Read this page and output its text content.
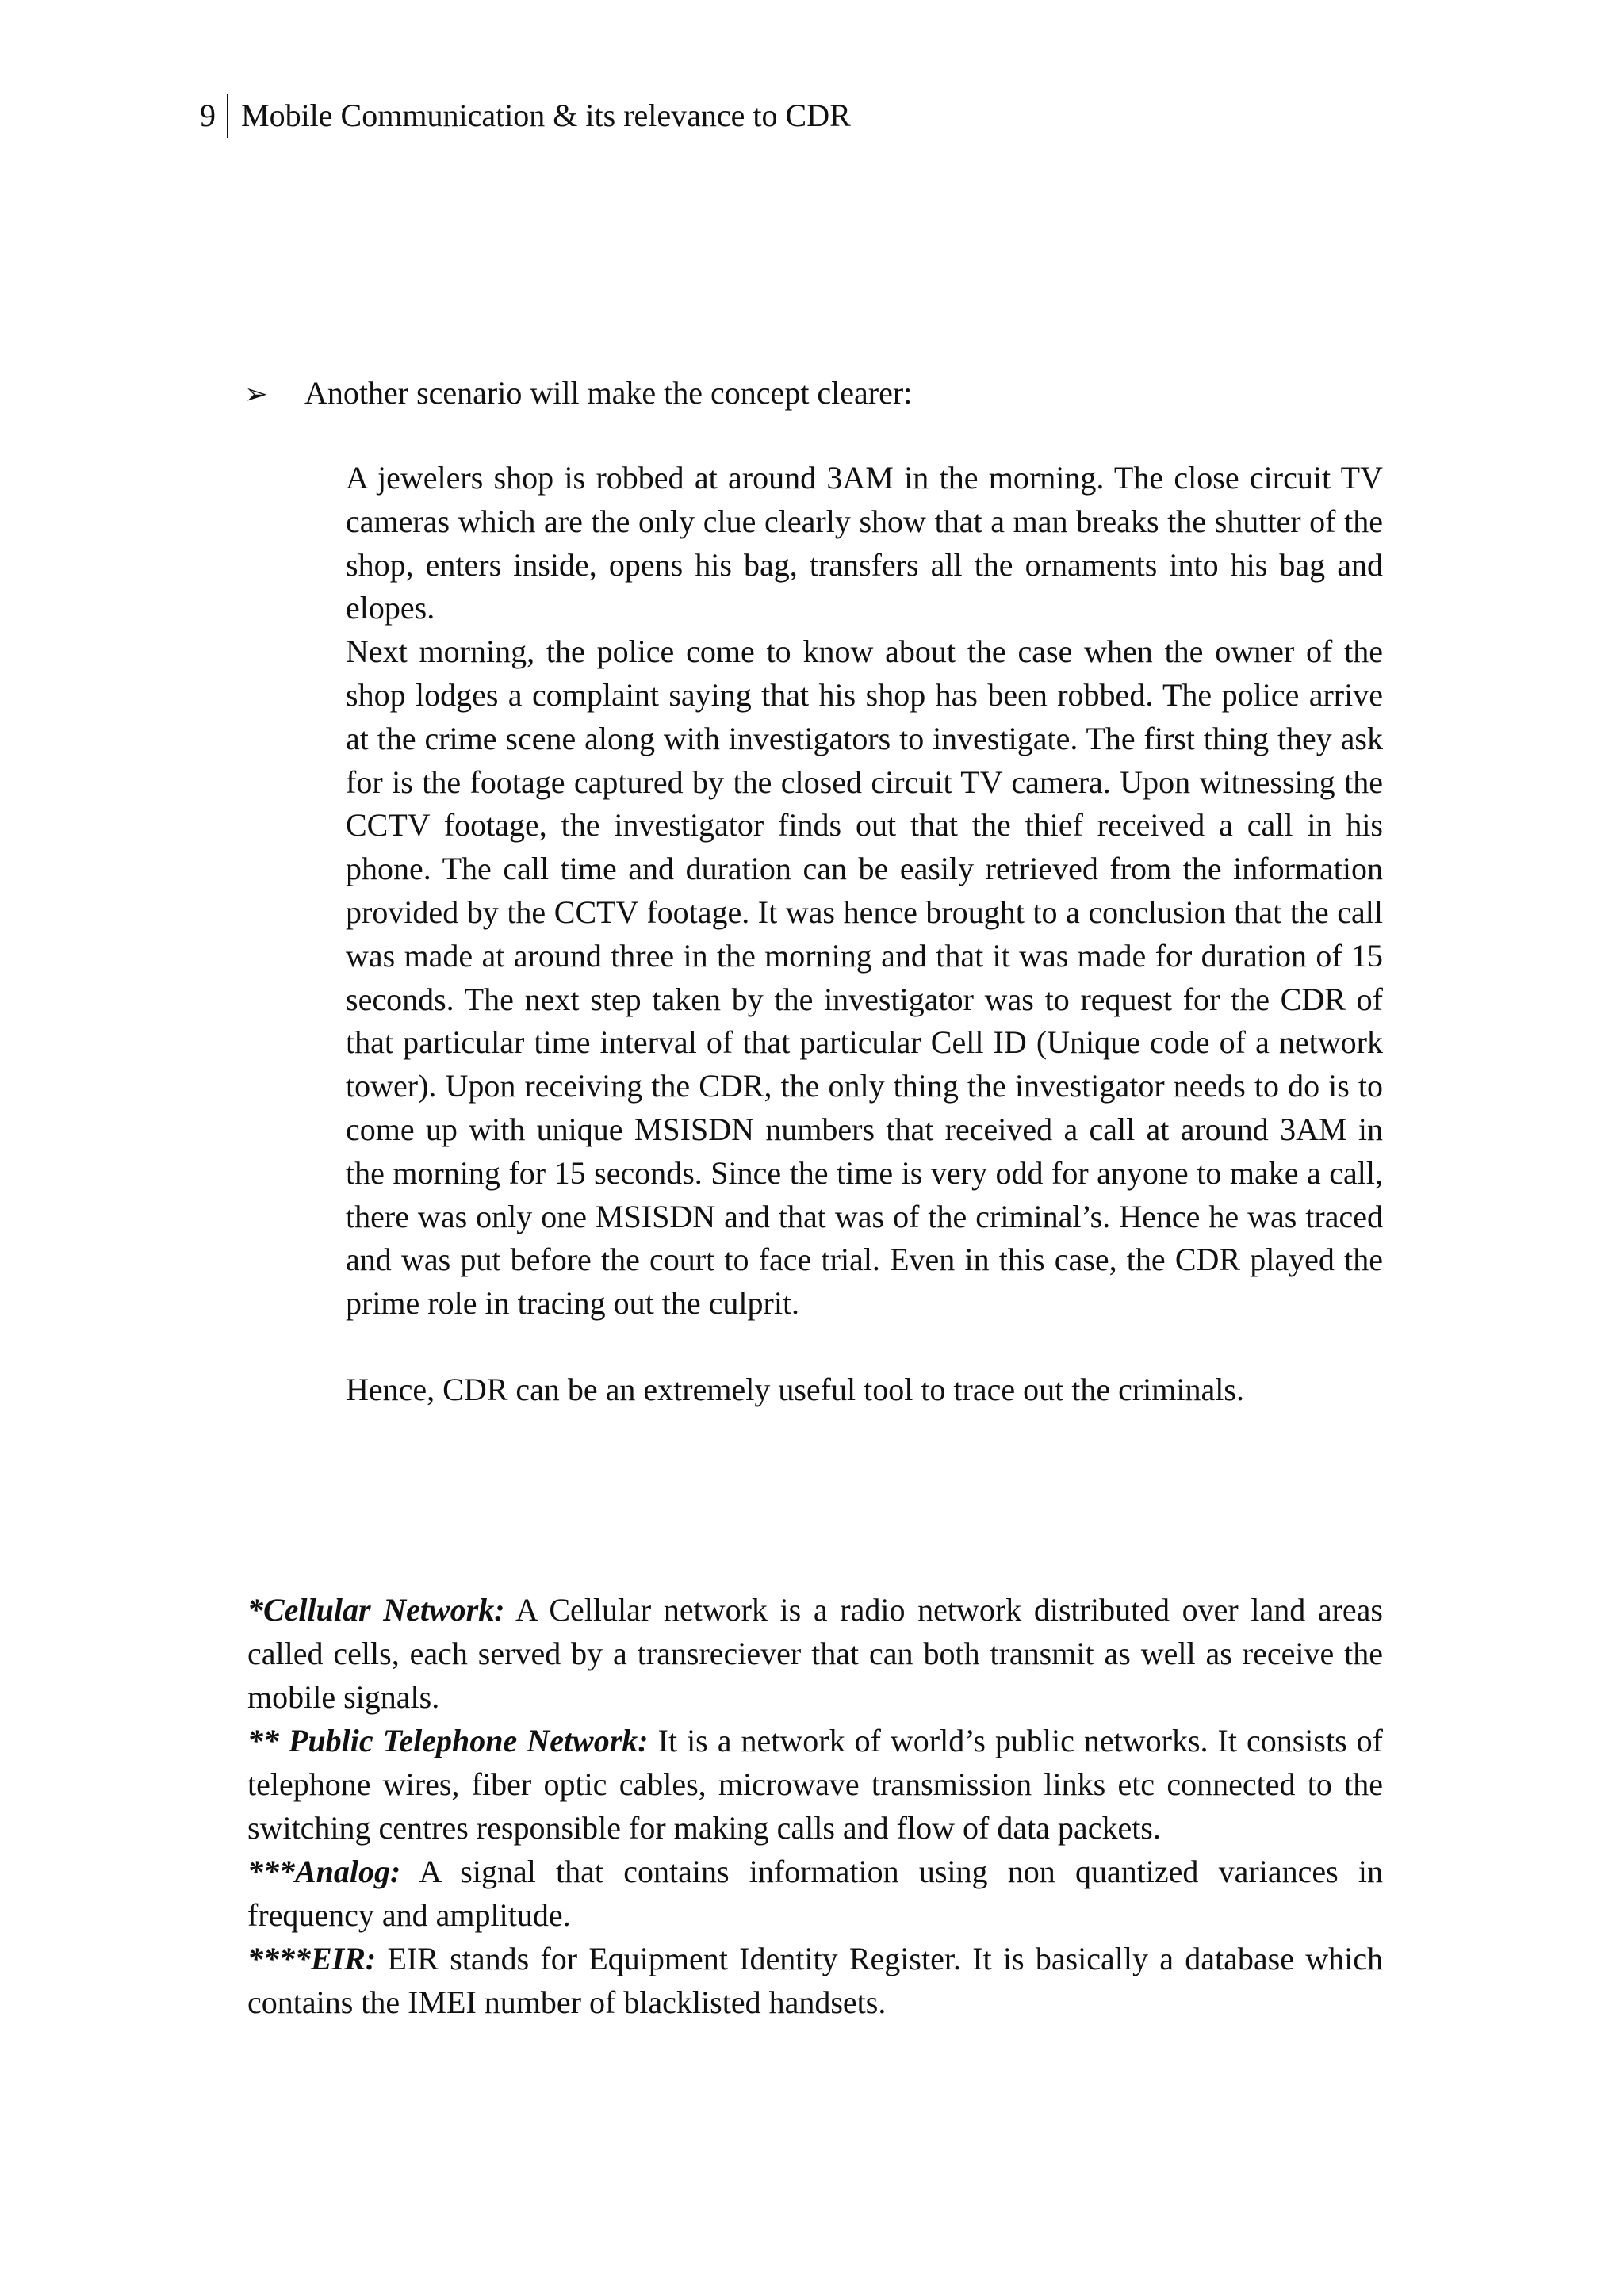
9 Mobile Communication & its relevance to CDR
➢ Another scenario will make the concept clearer:

A jewelers shop is robbed at around 3AM in the morning. The close circuit TV cameras which are the only clue clearly show that a man breaks the shutter of the shop, enters inside, opens his bag, transfers all the ornaments into his bag and elopes.

Next morning, the police come to know about the case when the owner of the shop lodges a complaint saying that his shop has been robbed. The police arrive at the crime scene along with investigators to investigate. The first thing they ask for is the footage captured by the closed circuit TV camera. Upon witnessing the CCTV footage, the investigator finds out that the thief received a call in his phone. The call time and duration can be easily retrieved from the information provided by the CCTV footage. It was hence brought to a conclusion that the call was made at around three in the morning and that it was made for duration of 15 seconds. The next step taken by the investigator was to request for the CDR of that particular time interval of that particular Cell ID (Unique code of a network tower). Upon receiving the CDR, the only thing the investigator needs to do is to come up with unique MSISDN numbers that received a call at around 3AM in the morning for 15 seconds. Since the time is very odd for anyone to make a call, there was only one MSISDN and that was of the criminal’s. Hence he was traced and was put before the court to face trial. Even in this case, the CDR played the prime role in tracing out the culprit.

Hence, CDR can be an extremely useful tool to trace out the criminals.

*Cellular Network: A Cellular network is a radio network distributed over land areas called cells, each served by a transreciever that can both transmit as well as receive the mobile signals.

** Public Telephone Network: It is a network of world’s public networks. It consists of telephone wires, fiber optic cables, microwave transmission links etc connected to the switching centres responsible for making calls and flow of data packets.

***Analog: A signal that contains information using non quantized variances in frequency and amplitude.

****EIR: EIR stands for Equipment Identity Register. It is basically a database which contains the IMEI number of blacklisted handsets.
